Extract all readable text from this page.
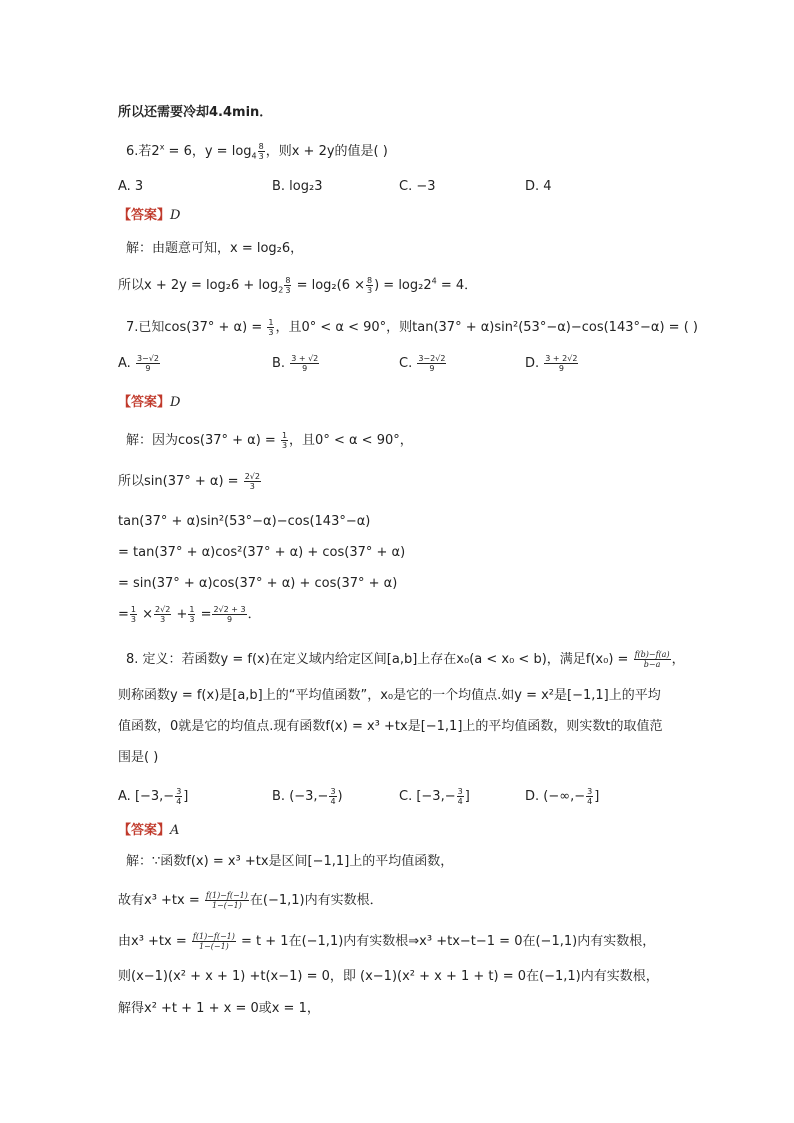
所以还需要冷却4.4min．
6.若$2^x = 6$，$y = \log_4 \frac{8}{3}$ ，则x + 2y的值是( )
A. 3	B. log₂3	C. −3	D. 4
【答案】D
解：由题意可知，x = log₂6，
所以$x + 2y = \log_26 + \log_2 \frac{8}{3} = \log_2(6 \times \frac{8}{3}$ ) = $\log_22^4 = 4$．
7.已知$\cos(37^\circ + \alpha) = \frac{1}{3}$ ，且0° < α < 90°，则tan(37° + α)sin²(53°−α)−cos(143°−α) = ( )
A. $\frac{3-√2}{9}$	B. $\frac{3 + √2}{9}$	C. $\frac{3-2√2}{9}$	D. $\frac{3 + 2√2}{9}$
【答案】D
解：因为$\cos(37^\circ + \alpha) = \frac{1}{3}$ ，且0° < α < 90°，
所以$\sin(37^\circ + \alpha) = \frac{2√2}{3}$
tan(37° + α)sin²(53°−α)−cos(143°−α)
= tan(37° + α)cos²(37° + α) + cos(37° + α)
= sin(37° + α)cos(37° + α) + cos(37° + α)
= $\frac{1}{3} \times \frac{2√2}{3} + \frac{1}{3} = \frac{2√2 + 3}{9}$ ．
8. 定义：若函数y = f(x)在定义域内给定区间[a,b]上存在x₀(a < x₀ < b)，满足$f(x_0) = \frac{f(b)-f(a)}{b-a}$ ，
则称函数y = f(x)是[a,b]上的“平均值函数”，x₀是它的一个均值点.如y = x²是[−1,1]上的平均
值函数，0就是它的均值点.现有函数f(x) = x³ +tx是[−1,1]上的平均值函数，则实数t的取值范
围是( )
A. [$-3,- \frac{3}{4}$ ]	B. ($-3,- \frac{3}{4}$ )	C. [$-3,- \frac{3}{4}$ ]	D. (−∞,− $\frac{3}{4}$ ]
【答案】A
解：∵函数f(x) = x³ +tx是区间[−1,1]上的平均值函数，
故有$x^3 +tx = \frac{f(1)-f(-1)}{1-(-1)}$ 在(−1,1)内有实数根．
由$x^3 +tx = \frac{f(1)-f(-1)}{1-(-1)} = t + 1$在(−1,1)内有实数根⇒x³ +tx−t−1 = 0在(−1,1)内有实数根，
则(x−1)(x² + x + 1) +t(x−1) = 0，即 (x−1)(x² + x + 1 + t) = 0在(−1,1)内有实数根，
解得x² +t + 1 + x = 0或x = 1，
